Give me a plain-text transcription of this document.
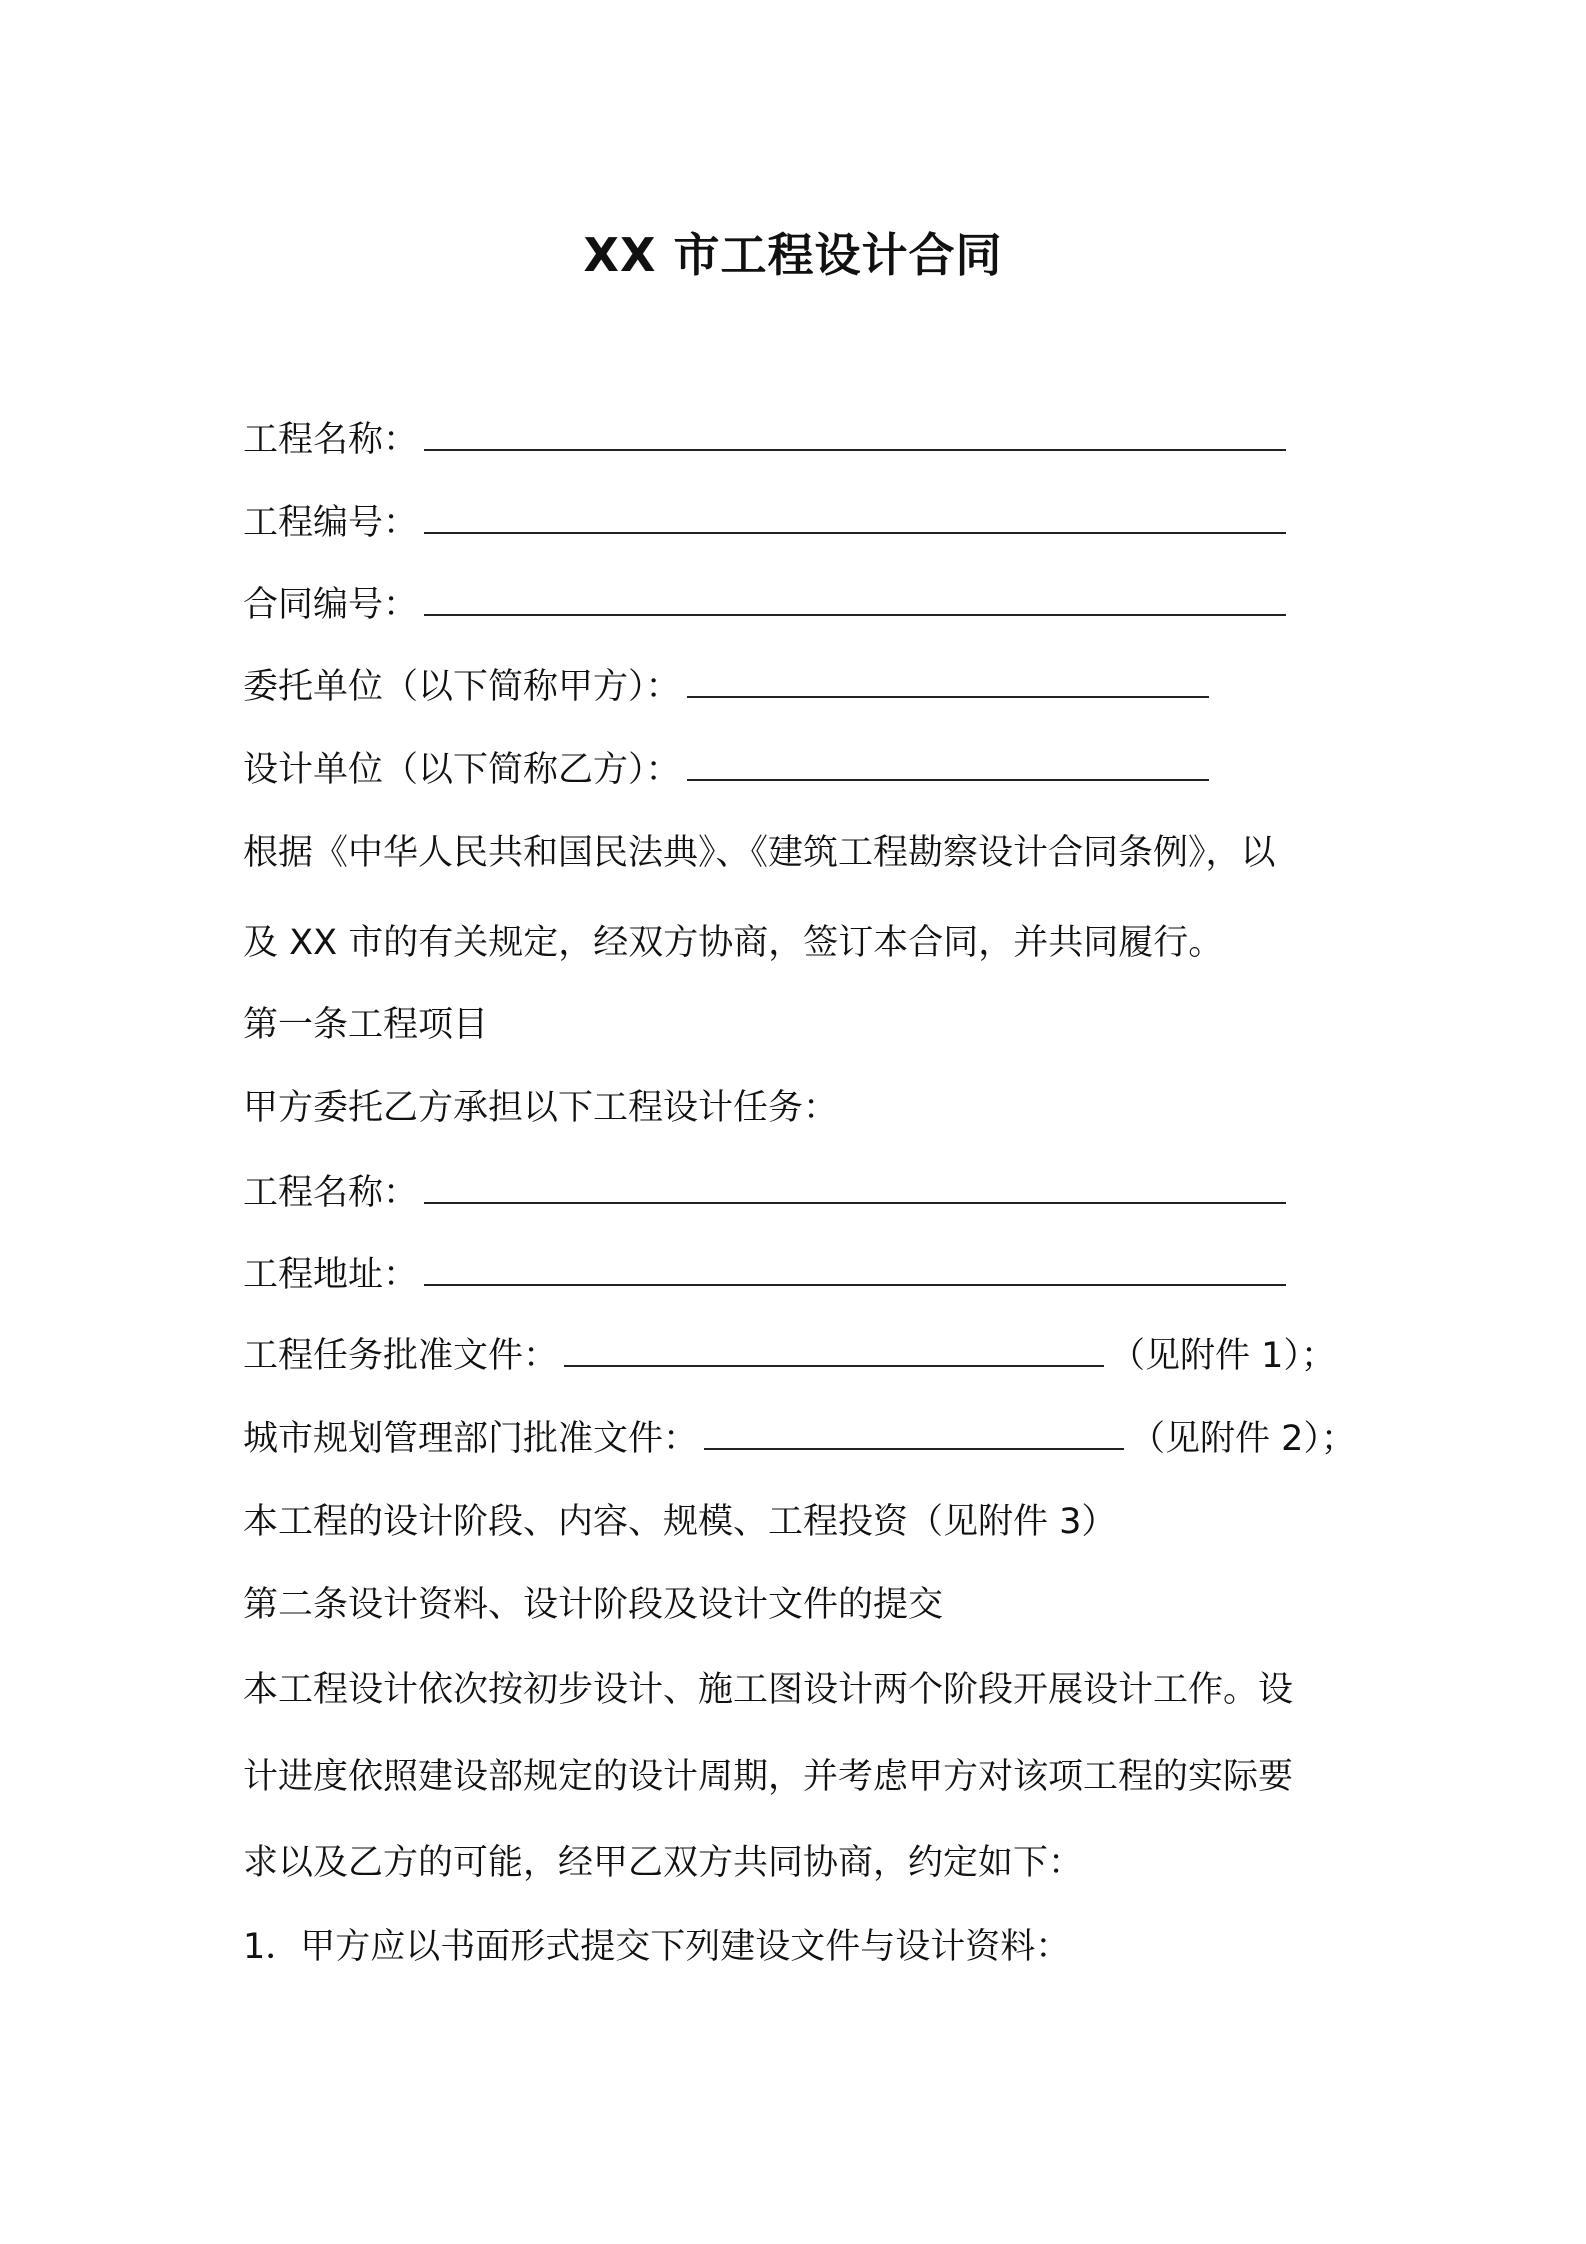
XX 市工程设计合同
工程名称：
工程编号：
合同编号：
委托单位（以下简称甲方）：
设计单位（以下简称乙方）：
根据《中华人民共和国民法典》、《建筑工程勘察设计合同条例》，以
及 XX 市的有关规定，经双方协商，签订本合同，并共同履行。
第一条工程项目
甲方委托乙方承担以下工程设计任务：
工程名称：
工程地址：
工程任务批准文件：	（见附件 1）；
城市规划管理部门批准文件：	（见附件 2）；
本工程的设计阶段、内容、规模、工程投资（见附件 3）
第二条设计资料、设计阶段及设计文件的提交
本工程设计依次按初步设计、施工图设计两个阶段开展设计工作。设
计进度依照建设部规定的设计周期，并考虑甲方对该项工程的实际要
求以及乙方的可能，经甲乙双方共同协商，约定如下：
1．甲方应以书面形式提交下列建设文件与设计资料：
